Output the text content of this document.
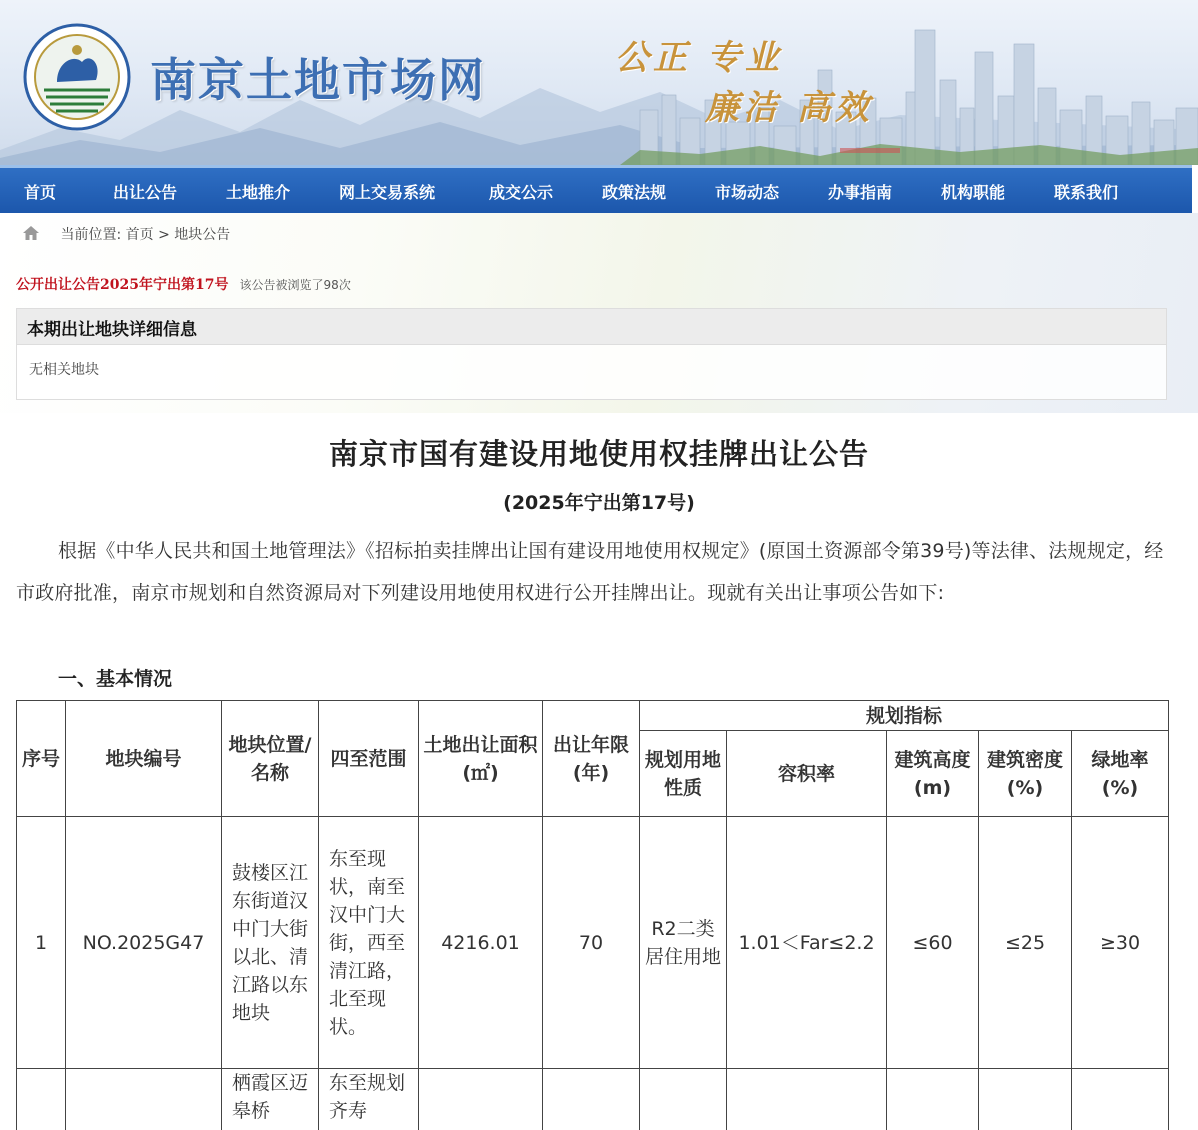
南京土地市场网	公正 专业
廉洁 高效
首页	出让公告	土地推介	网上交易系统	成交公示	政策法规	市场动态	办事指南	机构职能	联系我们
当前位置: 首页 > 地块公告
公开出让公告2025年宁出第17号 该公告被浏览了98次
本期出让地块详细信息
无相关地块
南京市国有建设用地使用权挂牌出让公告
(2025年宁出第17号)
根据《中华人民共和国土地管理法》《招标拍卖挂牌出让国有建设用地使用权规定》(原国土资源部令第39号)等法律、法规规定，经市政府批准，南京市规划和自然资源局对下列建设用地使用权进行公开挂牌出让。现就有关出让事项公告如下:
一、基本情况
序号	地块编号	地块位置/名称	四至范围	土地出让面积(㎡)	出让年限(年)	规划指标				
						规划用地性质	容积率	建筑高度(m)	建筑密度(%)	绿地率(%)
1	NO.2025G47	鼓楼区江东街道汉中门大街以北、清江路以东地块	东至现状，南至汉中门大街，西至清江路，北至现状。	4216.01	70	R2二类居住用地	1.01＜Far≤2.2	≤60	≤25	≥30
		栖霞区迈皋桥	东至规划齐寿							
